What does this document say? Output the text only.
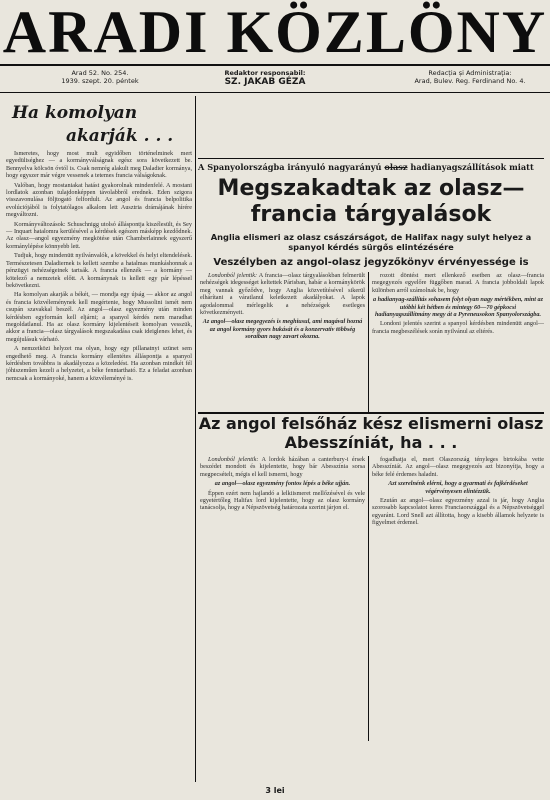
ARADI KÖZLÖNY
Arad 52. No. 254.
1939. szept. 20. péntek
Redaktor responsabil:
SZ. JAKAB GÉZA
Redacția și Administrația:
Arad, Bulev. Reg. Ferdinand No. 4.
Ha komolyan
akarják . . .

Ismeretes, hogy most mult egyidőben történelminek mert egyedüliséghez — a kormányválságnak egész sora következett be. Bennyelva kölcsön óvtól is. Csak nemrég alakult meg Daladier kormánya, hogy egyszer már végre vessenek a tetemes francia válságoknak.

Valóban, hogy mostaniakat hatást gyakorolnak mindenfelé. A mostani lordlatok azonban tulajdonképpen távolabbról erednek. Eden szigora visszavonulása följtogató felfordult. Az angol és francia belpolitika evolúciójából is folytatólagos alkalom lett Ausztria drámájának hírére megváltozni.

Kormányváltozások: Schuschnigg utolsó álláspontja kiszélesült, és Sey — Inquart hatalomra kerülésével a kérdések egészen másképp kezdődnek. Az olasz—angol egyezmény megkötése után Chamberlainnek egyszerű kormánylépése könnyebb lett.

Tudjuk, hogy mindenütt nyilvánvalók, a kövekkel és helyi eltendelések. Természetesen Daladiernek is kellett szembe a hatalmas munkáshonnak a pénzügyi nehézségeinek tartsák. A francia ellenzék — a kormány — kötelező a nemzetek előtt. A kormánynak is kellett egy pár lépéssel bekövetkezni.

Ha komolyan akarják a békét, — mondja egy újság — akkor az angol és francia közvéleménynek kell megértenie, hogy Mussolini ismét nem csupán szavakkal beszél. Az angol—olasz egyezmény után minden kérdésben egyformán kell eljárni; a spanyol kérdés nem maradhat megoldatlanul. Ha az olasz kormány kijelentéseit komolyan vesszük, akkor a francia—olasz tárgyalások megszakadása csak ideiglenes lehet, és megújulásuk várható.

A nemzetközi helyzet ma olyan, hogy egy pillanatnyi szünet sem engedhető meg. A francia kormány ellentétes álláspontja a spanyol kérdésben továbbra is akadályozza a közeledést. Ha azonban mindkét fél jóhiszeműen kezeli a helyzetet, a béke fenntartható. Ez a feladat azonban nemcsak a kormányoké, hanem a közvéleményé is.

A Spanyolországba irányuló nagyarányú olasz hadianyagszállítások miatt
Megszakadtak az olasz—francia tárgyalások
Anglia elismeri az olasz császárságot, de Halifax nagy sulyt helyez a spanyol kérdés sürgős elintézésére
Veszélyben az angol-olasz jegyzőkönyv érvényessége is

Londonból jelentik: A francia—olasz tárgyalásokban felmerült nehézségek idegességet keltettek Párisban, habár a kormánykörök meg vannak győződve, hogy Anglia közvetítésével sikerül elhárítani a váratlanul keletkezett akadályokat. A lapok agodalommal mérlegelik a nehézségek esetleges következményeit.

Az angol—olasz megegyezés is meghiusul, ami magával hozná az angol kormány gyors bukását és a konzervativ többség soraiban nagy zavart okozna.

rozott döntést mert ellenkező esetben az olasz—francia megegyezés egyelőre függőben marad. A francia jobboldali lapok különben arról számolnak be, hogy

a hadianyag-szállítás sohasem folyt olyan nagy mértékben, mint az utóbbi két hétben és mintegy 60—70 gépkocsi hadianyagszállítmány megy át a Pyreneusokon Spanyolországba.

Londoni jelentés szerint a spanyol kérdésben mindenütt angol—francia megbeszélések során nyilvánul az eltérés.

Az angol felsőház kész elismerni olasz Abesszíniát, ha . . .

Londonból jelentik: A lordok házában a canterbury-i érsek beszédet mondott és kijelentette, hogy bár Abesszínia sorsa megpecsételt, mégis el kell ismerni, hogy

az angol—olasz egyezmény fontos lépés a béke ujján.

Éppen ezért nem hajlandó a lelkiismeret mellőzésével és vele egyetértőleg Halifax lord kijelentette, hogy az olasz kormány tanácsolja, hogy a Népszövetség határozata szerint járjon el.

fogadhatja el, mert Olaszország tényleges birtokába vette Abesszíniát. Az angol—olasz megegyezés azt bizonyítja, hogy a béke felé érdemes haladni.

Azt szerelnénk elérni, hogy a gyarmati és fajkérdéseket végérvényesen elintézzük.

Ezután az angol—olasz egyezmény azzal is jár, hogy Anglia szorosabb kapcsolatot keres Franciaországgal és a Népszövetséggel egyaránt. Lord Snell azt állította, hogy a kisebb államok helyzete is figyelmet érdemel.

3 lei
